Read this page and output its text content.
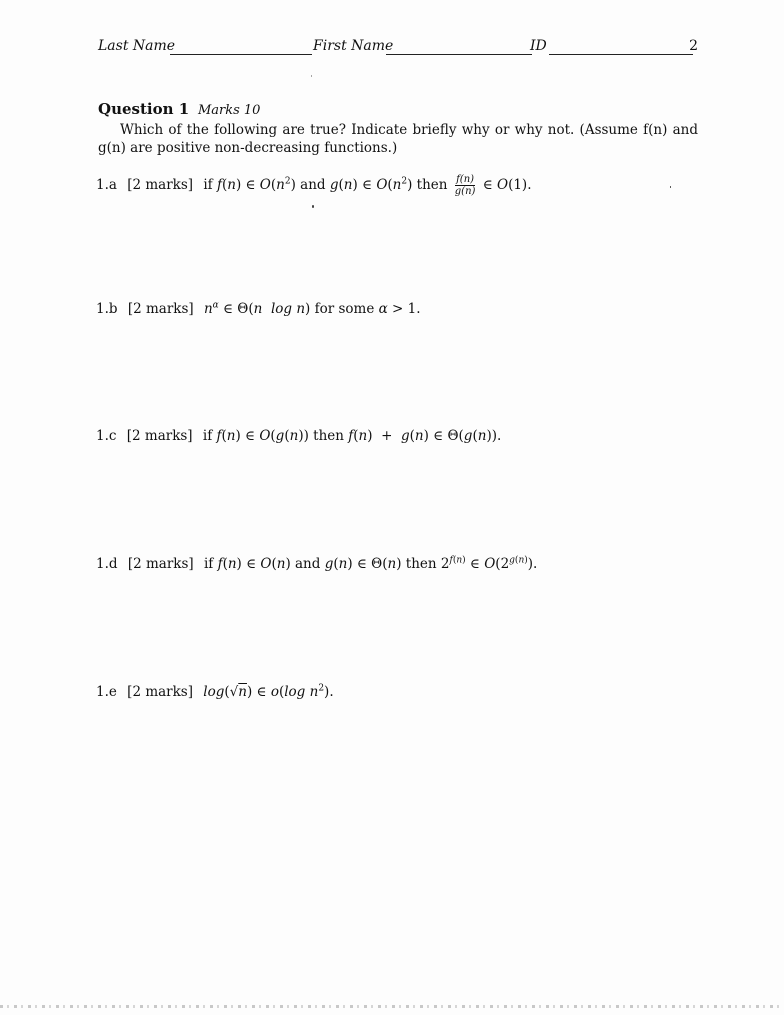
Last Name	First Name	ID	2
Question 1 Marks 10
Which of the following are true? Indicate briefly why or why not. (Assume f(n) and g(n) are positive non-decreasing functions.)
1.a [2 marks] if f(n) ∈ $O(n^2)$ and g(n) ∈ $O(n^2)$ then $\frac{f(n)}{g(n)}$ ∈ O(1).
1.b [2 marks] $n^\alpha$ ∈ Θ(n log n) for some α > 1.
1.c [2 marks] if f(n) ∈ O(g(n)) then f(n)  +  g(n) ∈ Θ(g(n)).
1.d [2 marks] if f(n) ∈ O(n) and g(n) ∈ Θ(n) then $2^{f(n)}$ ∈ $O(2^{g(n)})$.
1.e [2 marks] log(√n) ∈ o(log $n^2$).
